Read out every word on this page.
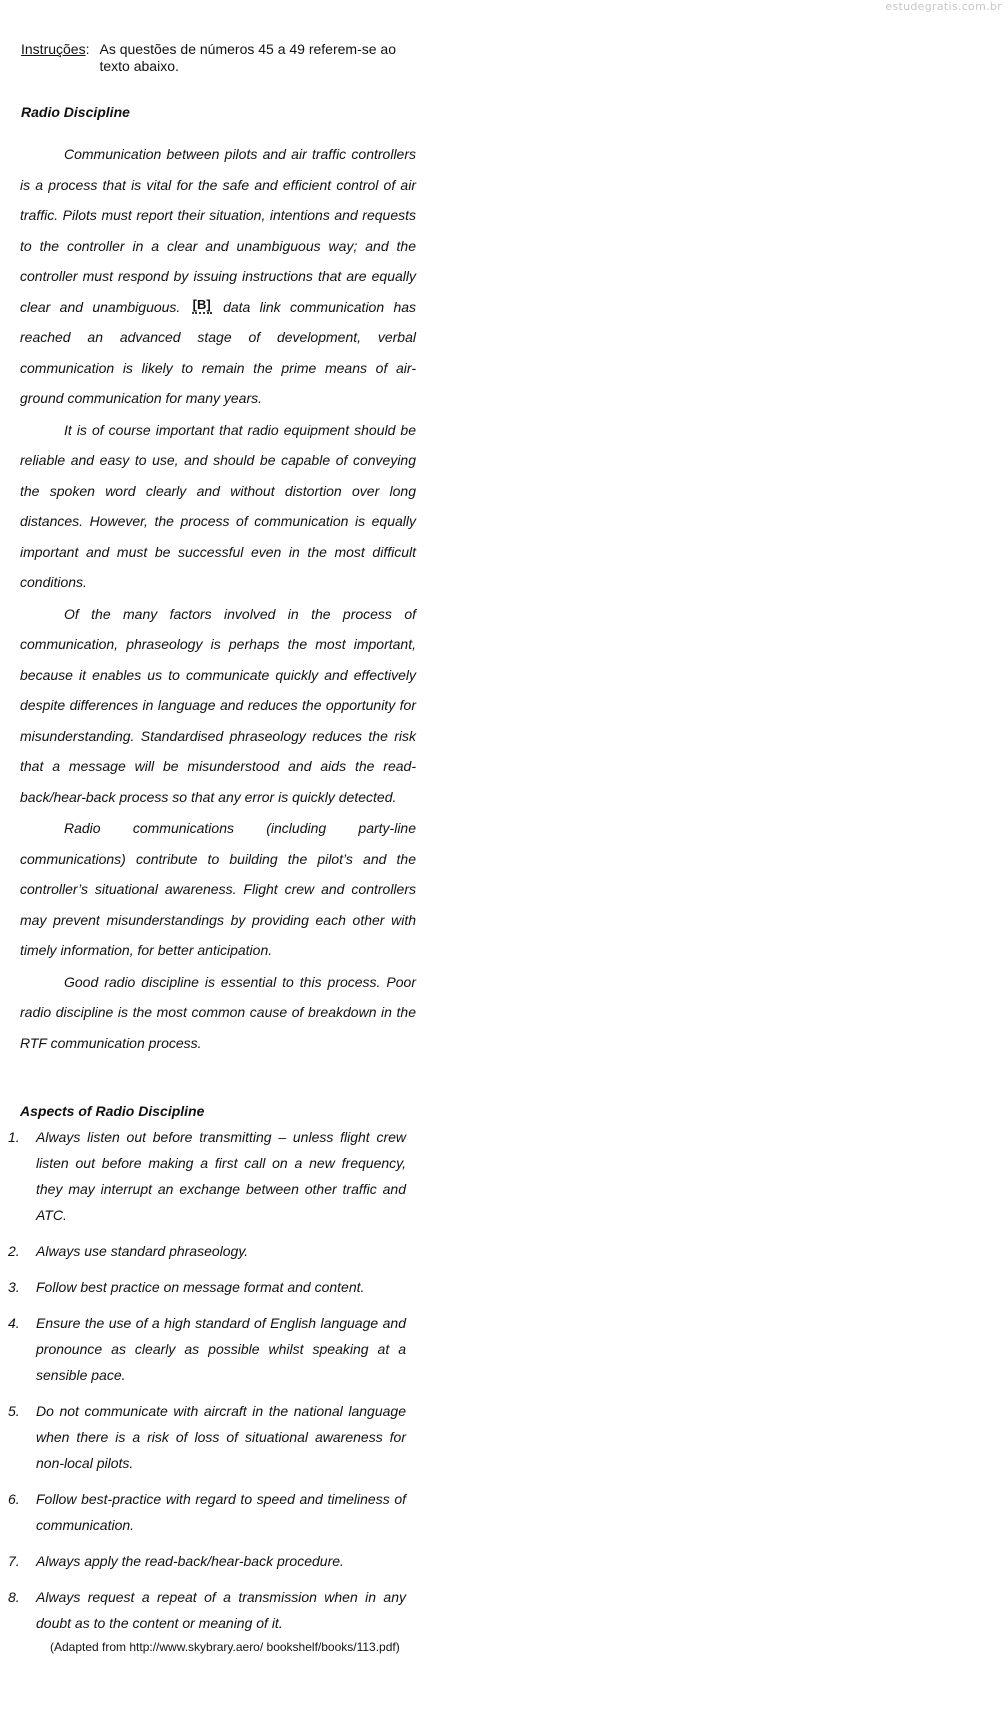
estudegratis.com.br
Instruções : As questões de números 45 a 49 referem-se ao texto abaixo.
Radio Discipline

Communication between pilots and air traffic controllers is a process that is vital for the safe and efficient control of air traffic. Pilots must report their situation, intentions and requests to the controller in a clear and unambiguous way; and the controller must respond by issuing instructions that are equally clear and unambiguous. [B] data link communication has reached an advanced stage of development, verbal communication is likely to remain the prime means of air-ground communication for many years.

It is of course important that radio equipment should be reliable and easy to use, and should be capable of conveying the spoken word clearly and without distortion over long distances. However, the process of communication is equally important and must be successful even in the most difficult conditions.

Of the many factors involved in the process of communication, phraseology is perhaps the most important, because it enables us to communicate quickly and effectively despite differences in language and reduces the opportunity for misunderstanding. Standardised phraseology reduces the risk that a message will be misunderstood and aids the read-back/hear-back process so that any error is quickly detected.

Radio communications (including party-line communications) contribute to building the pilot’s and the controller’s situational awareness. Flight crew and controllers may prevent misunderstandings by providing each other with timely information, for better anticipation.

Good radio discipline is essential to this process. Poor radio discipline is the most common cause of breakdown in the RTF communication process.

Aspects of Radio Discipline
1.	Always listen out before transmitting – unless flight crew listen out before making a first call on a new frequency, they may interrupt an exchange between other traffic and ATC.
2.	Always use standard phraseology.
3.	Follow best practice on message format and content.
4.	Ensure the use of a high standard of English language and pronounce as clearly as possible whilst speaking at a sensible pace.
5.	Do not communicate with aircraft in the national language when there is a risk of loss of situational awareness for non-local pilots.
6.	Follow best-practice with regard to speed and timeliness of communication.
7.	Always apply the read-back/hear-back procedure.
8.	Always request a repeat of a transmission when in any doubt as to the content or meaning of it.
(Adapted from http://www.skybrary.aero/ bookshelf/books/113.pdf)
